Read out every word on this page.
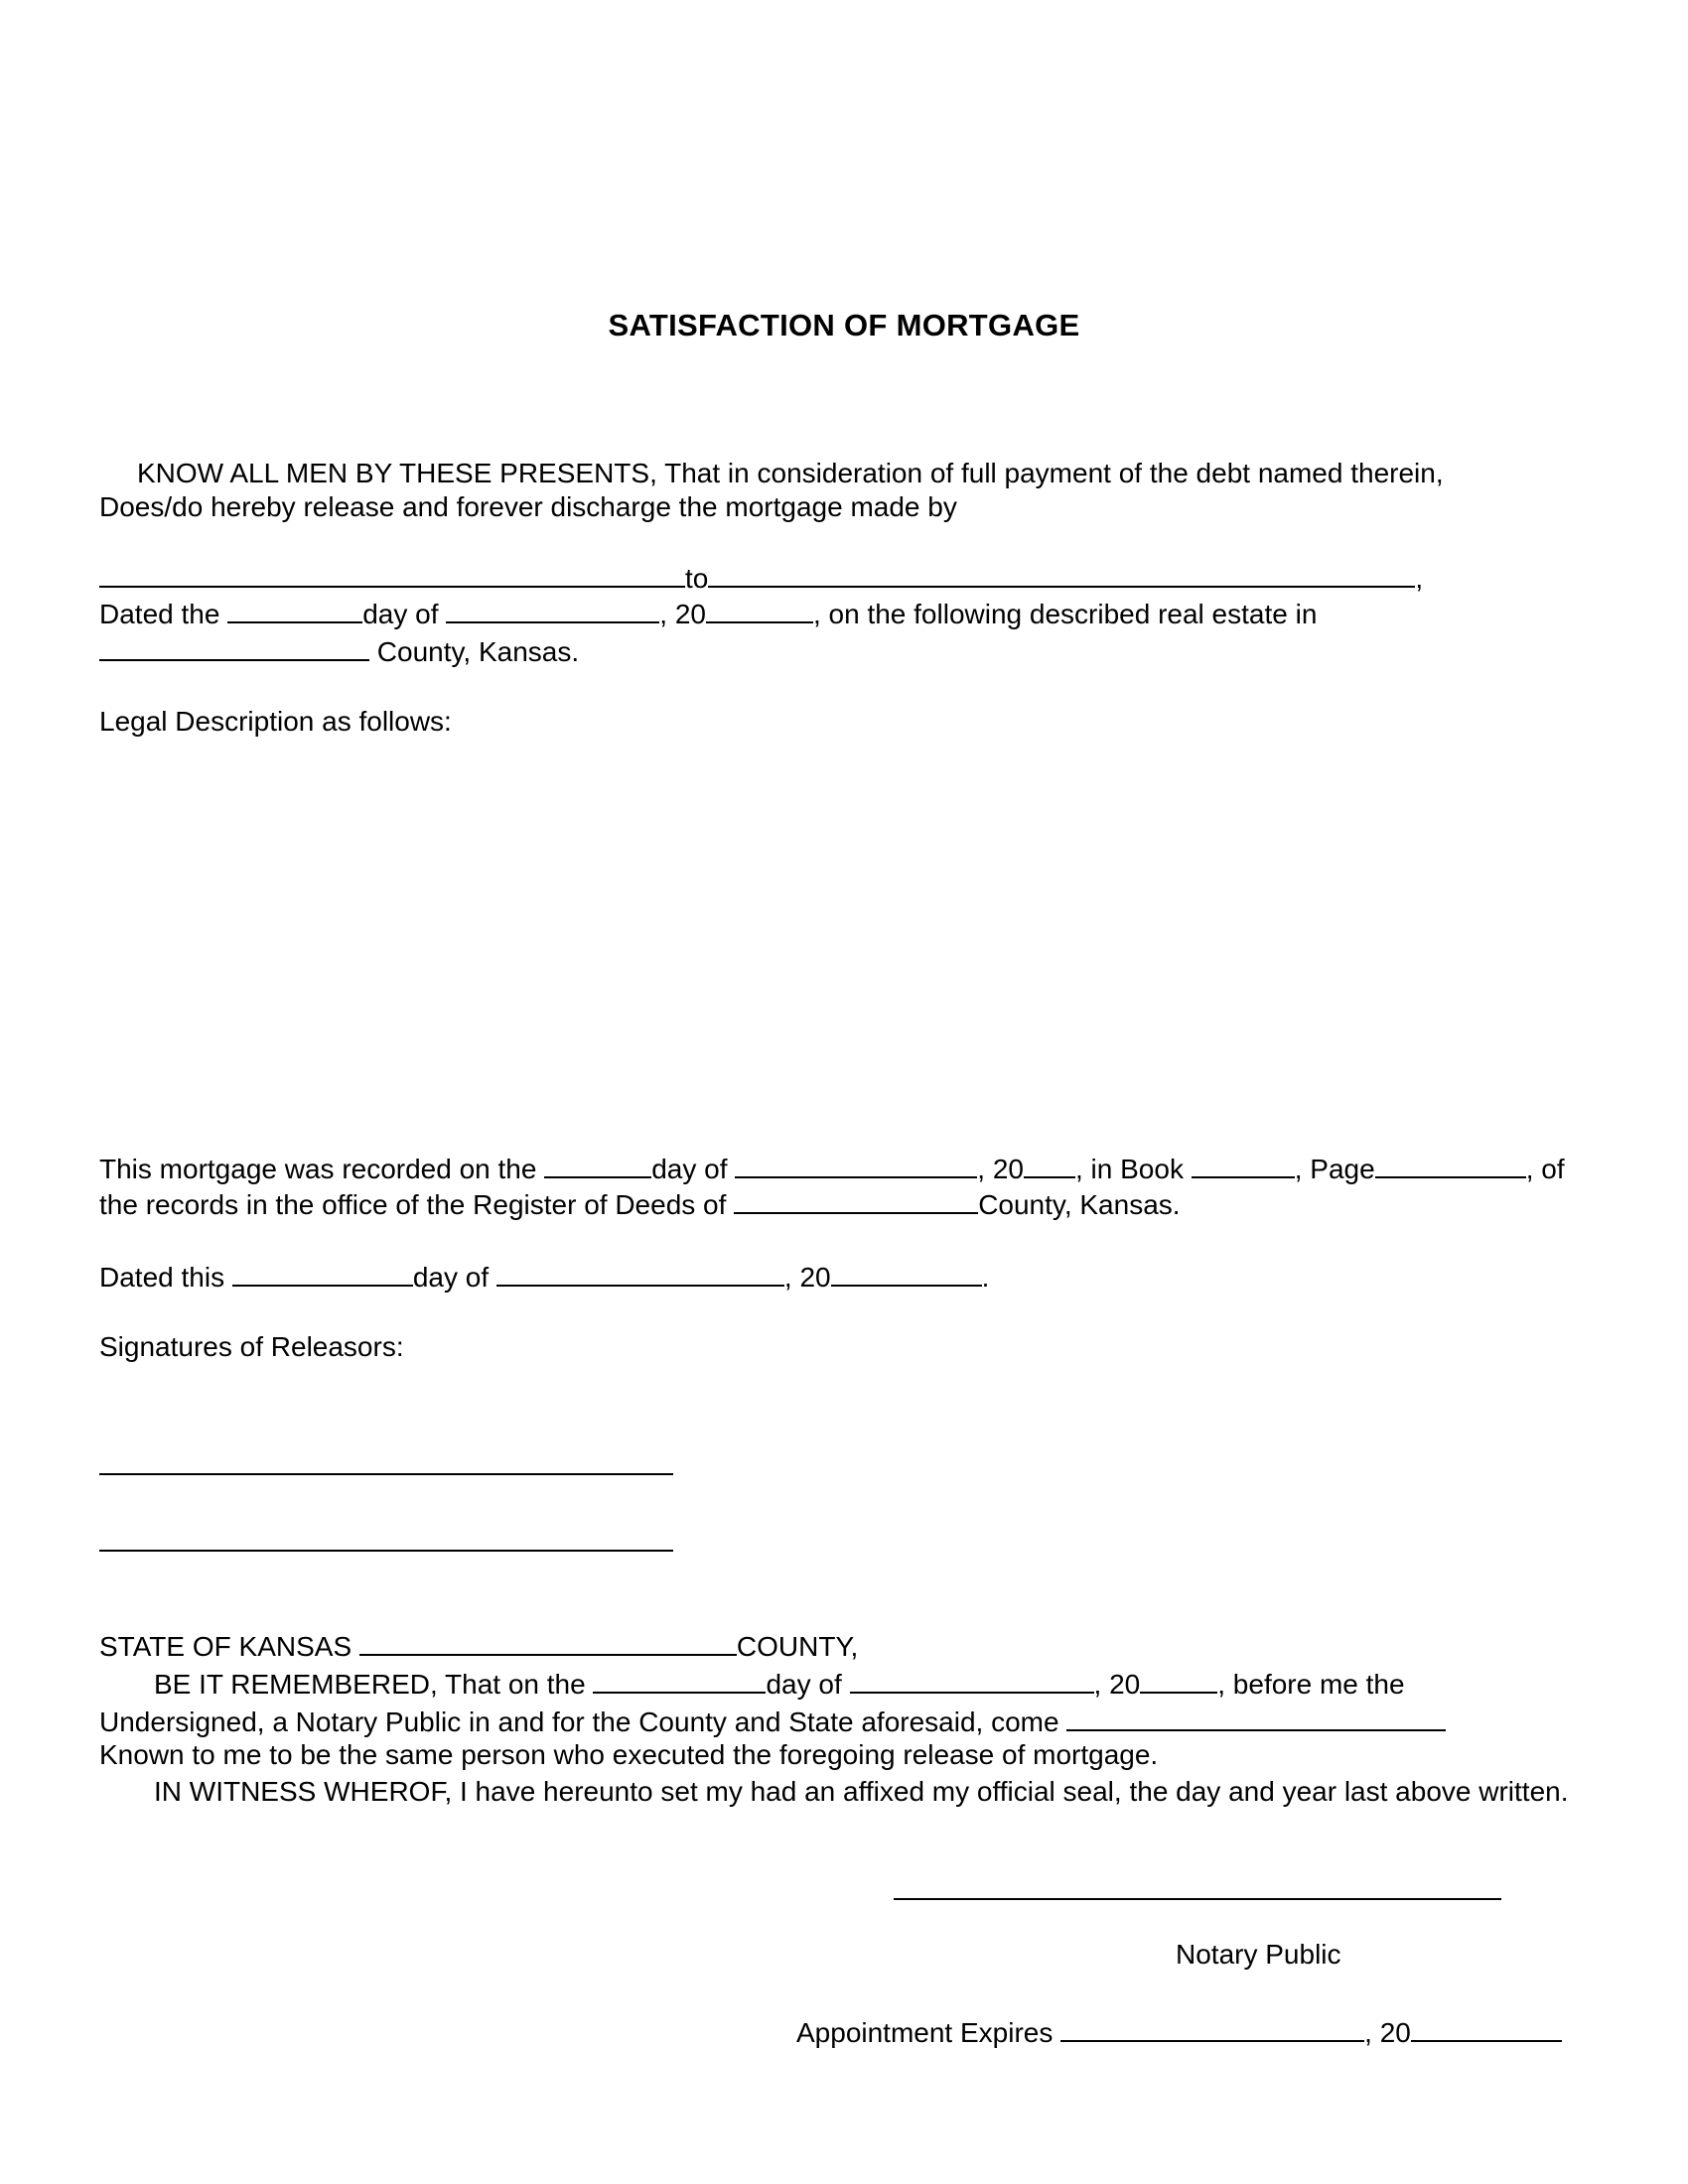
SATISFACTION OF MORTGAGE
KNOW ALL MEN BY THESE PRESENTS, That in consideration of full payment of the debt named therein,
Does/do hereby release and forever discharge the mortgage made by
to	,
Dated the	day of	, 20	, on the following described real estate in
County, Kansas.
Legal Description as follows:
This mortgage was recorded on the	day of	, 20 , in Book	, Page	, of
the records in the office of the Register of Deeds of	County, Kansas.
Dated this	day of	, 20	.
Signatures of Releasors:
STATE OF KANSAS	COUNTY,
BE IT REMEMBERED, That on the	day of	, 20	, before me the
Undersigned, a Notary Public in and for the County and State aforesaid, come
Known to me to be the same person who executed the foregoing release of mortgage.
IN WITNESS WHEROF, I have hereunto set my had an affixed my official seal, the day and year last above written.
Notary Public
Appointment Expires	, 20
